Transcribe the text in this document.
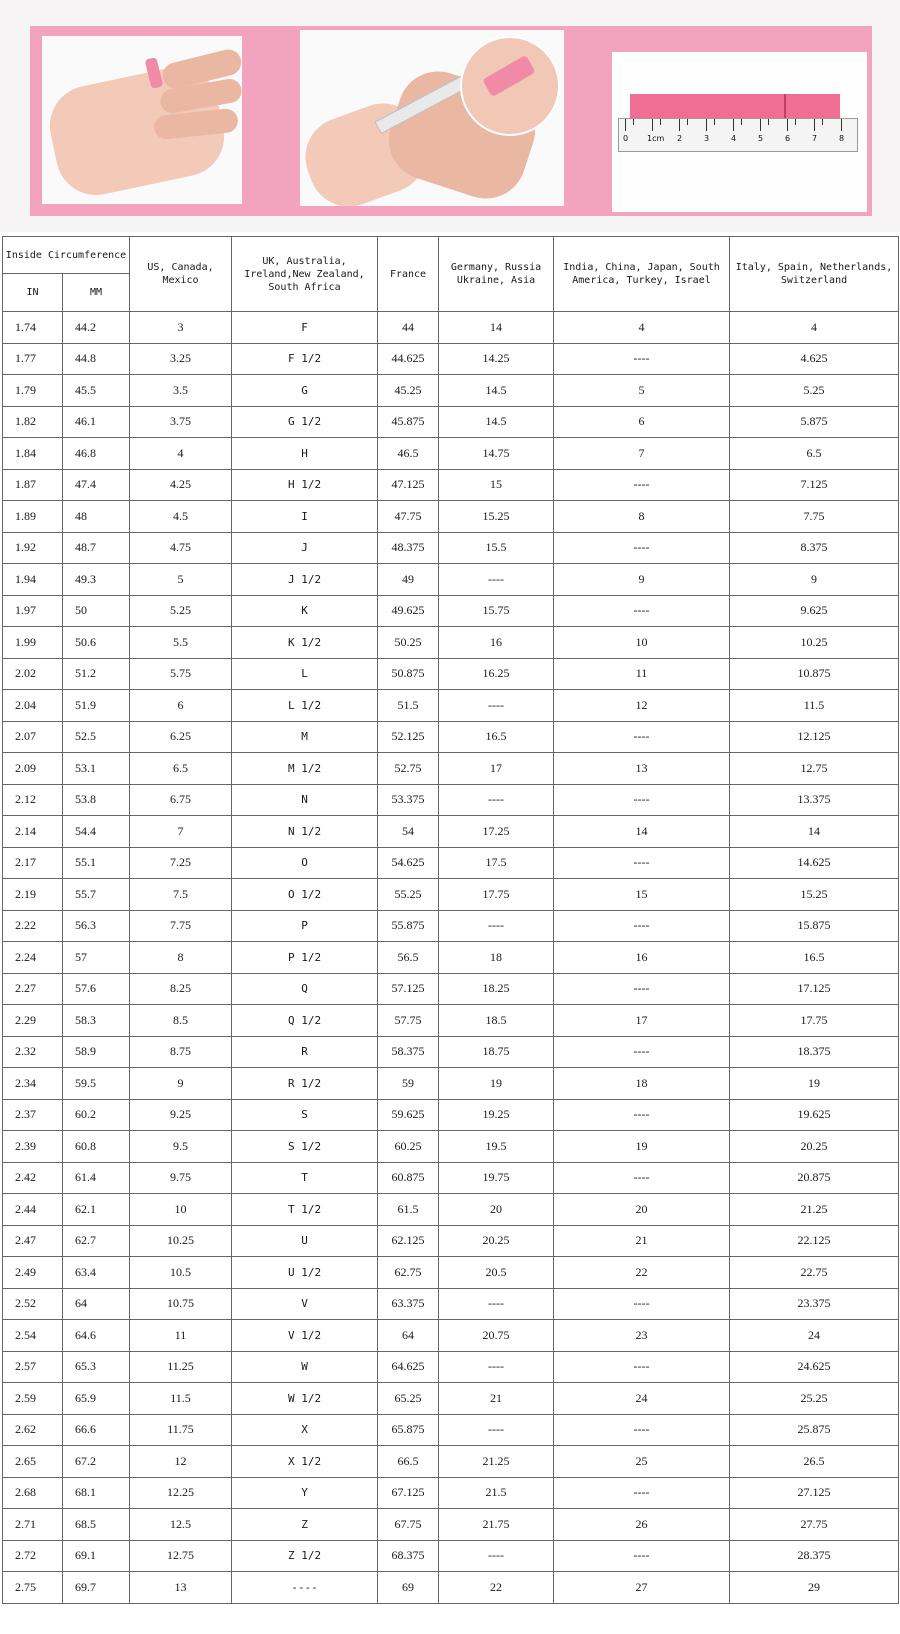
0 1cm 2	3	4	5	6	7	8
Inside Circumference		US, Canada, Mexico	UK, Australia, Ireland,New Zealand, South Africa	France	Germany, Russia Ukraine, Asia	India, China, Japan, South America, Turkey, Israel	Italy, Spain, Netherlands, Switzerland
IN	MM						
1.74	44.2	3	F	44	14	4	4
1.77	44.8	3.25	F 1/2	44.625	14.25	----	4.625
1.79	45.5	3.5	G	45.25	14.5	5	5.25
1.82	46.1	3.75	G 1/2	45.875	14.5	6	5.875
1.84	46.8	4	H	46.5	14.75	7	6.5
1.87	47.4	4.25	H 1/2	47.125	15	----	7.125
1.89	48	4.5	I	47.75	15.25	8	7.75
1.92	48.7	4.75	J	48.375	15.5	----	8.375
1.94	49.3	5	J 1/2	49	----	9	9
1.97	50	5.25	K	49.625	15.75	----	9.625
1.99	50.6	5.5	K 1/2	50.25	16	10	10.25
2.02	51.2	5.75	L	50.875	16.25	11	10.875
2.04	51.9	6	L 1/2	51.5	----	12	11.5
2.07	52.5	6.25	M	52.125	16.5	----	12.125
2.09	53.1	6.5	M 1/2	52.75	17	13	12.75
2.12	53.8	6.75	N	53.375	----	----	13.375
2.14	54.4	7	N 1/2	54	17.25	14	14
2.17	55.1	7.25	O	54.625	17.5	----	14.625
2.19	55.7	7.5	O 1/2	55.25	17.75	15	15.25
2.22	56.3	7.75	P	55.875	----	----	15.875
2.24	57	8	P 1/2	56.5	18	16	16.5
2.27	57.6	8.25	Q	57.125	18.25	----	17.125
2.29	58.3	8.5	Q 1/2	57.75	18.5	17	17.75
2.32	58.9	8.75	R	58.375	18.75	----	18.375
2.34	59.5	9	R 1/2	59	19	18	19
2.37	60.2	9.25	S	59.625	19.25	----	19.625
2.39	60.8	9.5	S 1/2	60.25	19.5	19	20.25
2.42	61.4	9.75	T	60.875	19.75	----	20.875
2.44	62.1	10	T 1/2	61.5	20	20	21.25
2.47	62.7	10.25	U	62.125	20.25	21	22.125
2.49	63.4	10.5	U 1/2	62.75	20.5	22	22.75
2.52	64	10.75	V	63.375	----	----	23.375
2.54	64.6	11	V 1/2	64	20.75	23	24
2.57	65.3	11.25	W	64.625	----	----	24.625
2.59	65.9	11.5	W 1/2	65.25	21	24	25.25
2.62	66.6	11.75	X	65.875	----	----	25.875
2.65	67.2	12	X 1/2	66.5	21.25	25	26.5
2.68	68.1	12.25	Y	67.125	21.5	----	27.125
2.71	68.5	12.5	Z	67.75	21.75	26	27.75
2.72	69.1	12.75	Z 1/2	68.375	----	----	28.375
2.75	69.7	13	----	69	22	27	29
